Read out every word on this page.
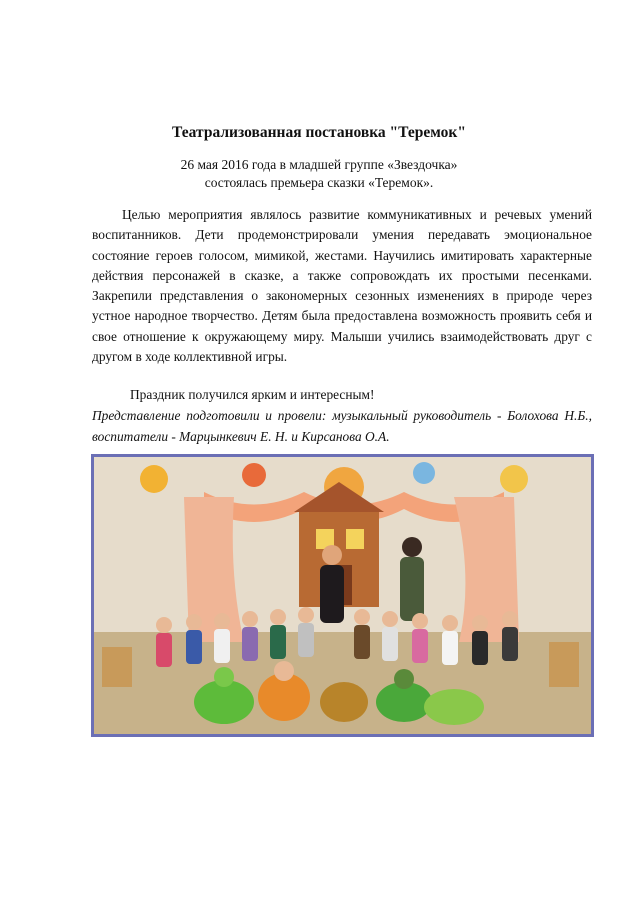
Театрализованная постановка "Теремок"
26 мая 2016 года в младшей группе «Звездочка»
состоялась премьера сказки «Теремок».
Целью мероприятия являлось развитие коммуникативных и речевых умений воспитанников. Дети продемонстрировали умения передавать эмоциональное состояние героев голосом, мимикой, жестами. Научились имитировать характерные действия персонажей в сказке, а также сопровождать их простыми песенками. Закрепили представления о закономерных сезонных изменениях в природе через устное народное творчество. Детям была предоставлена возможность проявить себя и свое отношение к окружающему миру. Малыши учились взаимодействовать друг с другом в ходе коллективной игры.
Праздник получился ярким и интересным!
Представление подготовили и провели: музыкальный руководитель - Болохова Н.Б., воспитатели - Марцынкевич Е. Н. и Кирсанова О.А.
